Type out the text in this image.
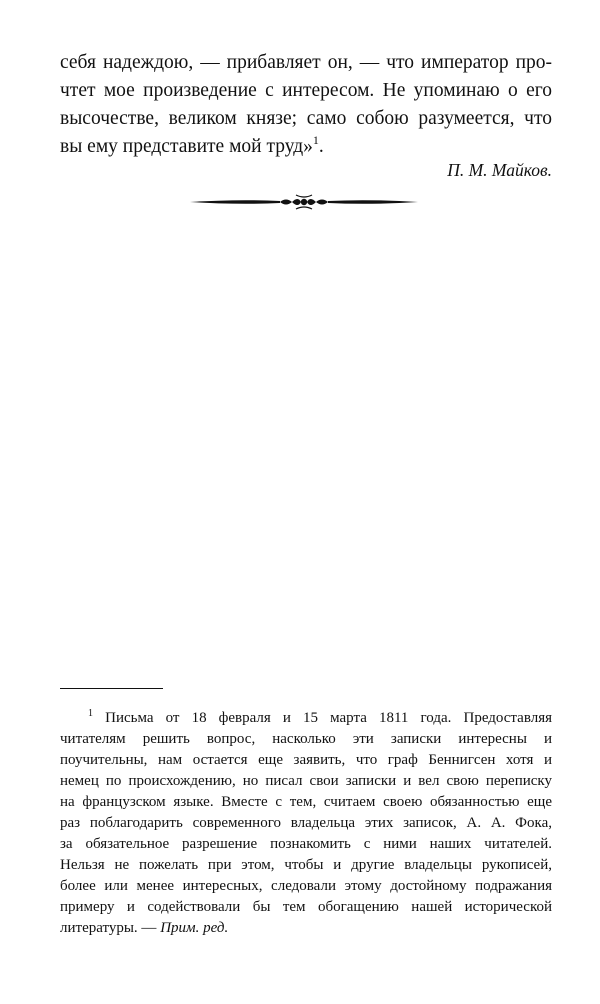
себя надеждою, — прибавляет он, — что император про-
чтет мое произведение с интересом. Не упоминаю о его
высочестве, великом князе; само собою разумеется, что
вы ему представите мой труд»$^1$.
П. М. Майков.
$^1$ Письма от 18 февраля и 15 марта 1811 года. Предоставляя
читателям решить вопрос, насколько эти записки интересны и
поучительны, нам остается еще заявить, что граф Беннигсен хотя и
немец по происхождению, но писал свои записки и вел свою переписку
на французском языке. Вместе с тем, считаем своею обязанностью еще
раз поблагодарить современного владельца этих записок, А. А. Фока,
за обязательное разрешение познакомить с ними наших читателей.
Нельзя не пожелать при этом, чтобы и другие владельцы рукописей,
более или менее интересных, следовали этому достойному подражания
примеру и содействовали бы тем обогащению нашей исторической
литературы. — Прим. ред.
